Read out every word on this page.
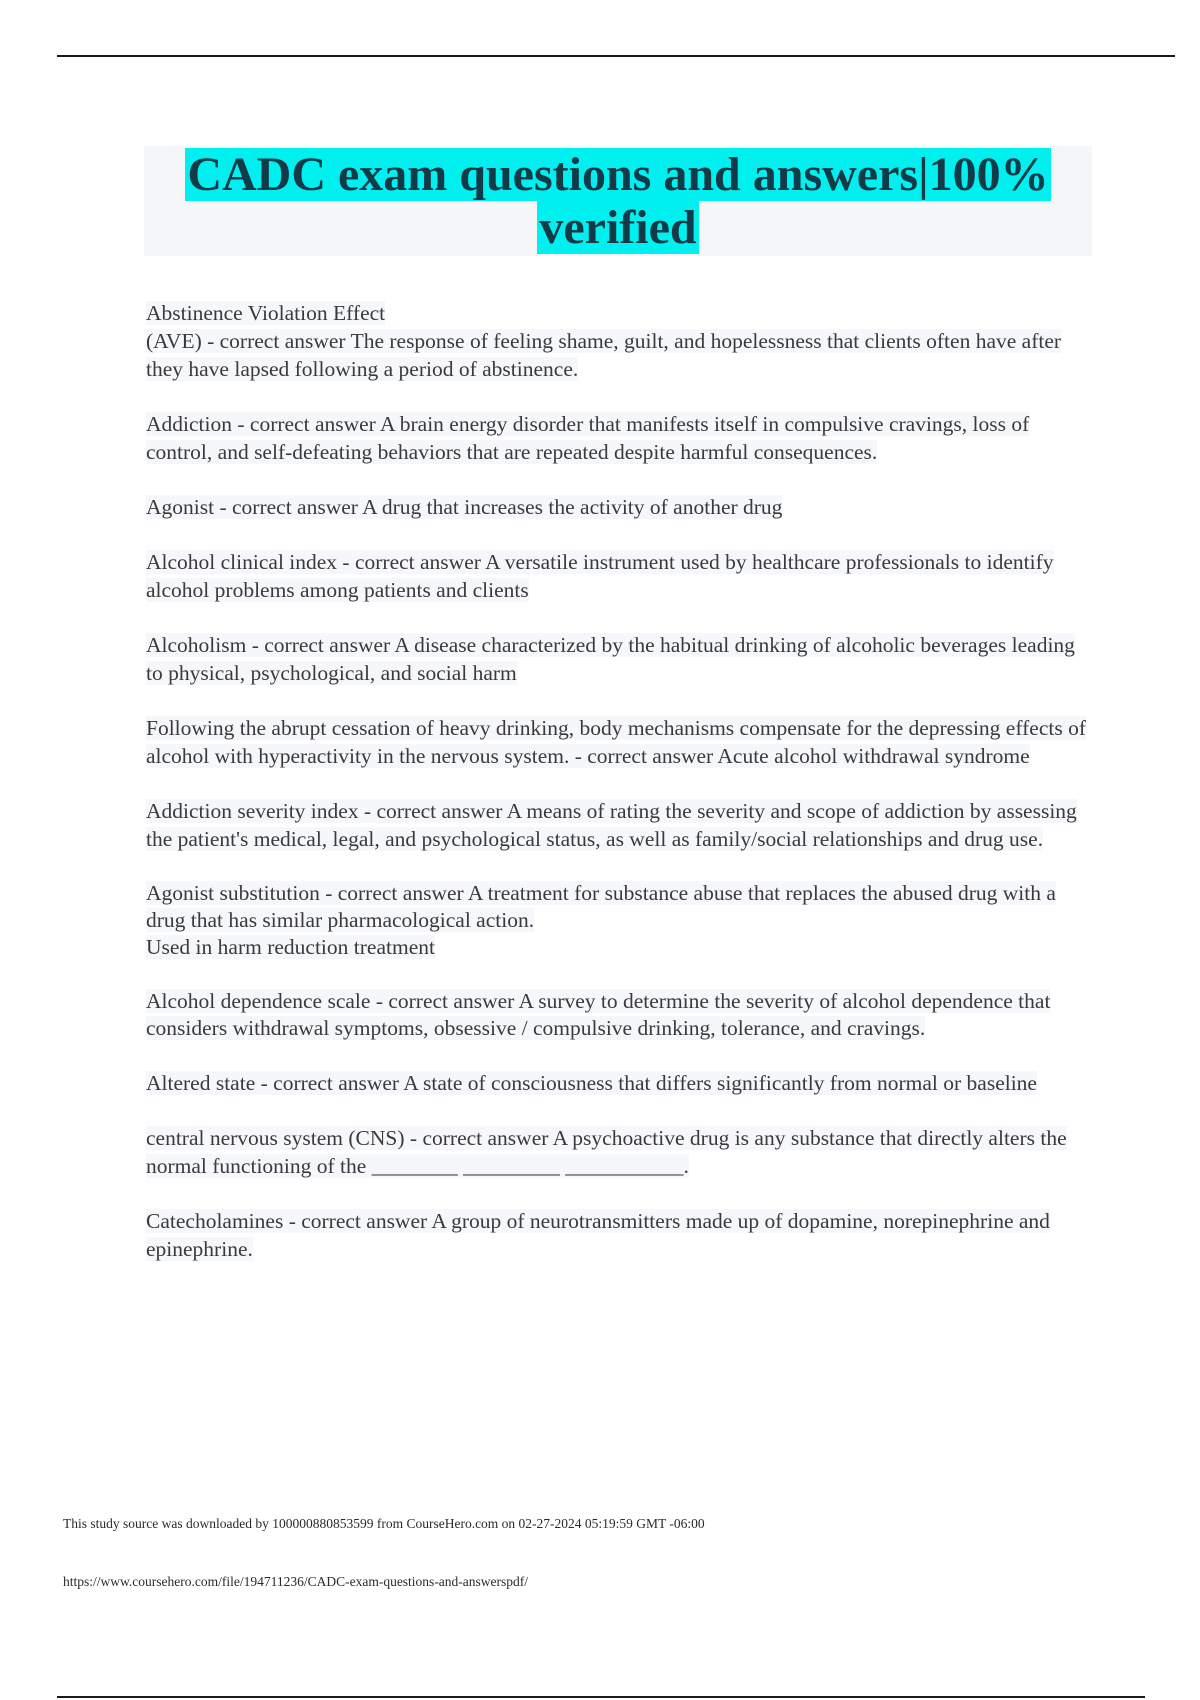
CADC exam questions and answers|100%
verified

Abstinence Violation Effect
(AVE) - correct answer The response of feeling shame, guilt, and hopelessness that clients often have after they have lapsed following a period of abstinence.

Addiction - correct answer A brain energy disorder that manifests itself in compulsive cravings, loss of control, and self-defeating behaviors that are repeated despite harmful consequences.

Agonist - correct answer A drug that increases the activity of another drug

Alcohol clinical index - correct answer A versatile instrument used by healthcare professionals to identify alcohol problems among patients and clients

Alcoholism - correct answer A disease characterized by the habitual drinking of alcoholic beverages leading to physical, psychological, and social harm

Following the abrupt cessation of heavy drinking, body mechanisms compensate for the depressing effects of alcohol with hyperactivity in the nervous system. - correct answer Acute alcohol withdrawal syndrome

Addiction severity index - correct answer A means of rating the severity and scope of addiction by assessing the patient's medical, legal, and psychological status, as well as family/social relationships and drug use.

Agonist substitution - correct answer A treatment for substance abuse that replaces the abused drug with a drug that has similar pharmacological action.
Used in harm reduction treatment

Alcohol dependence scale - correct answer A survey to determine the severity of alcohol dependence that considers withdrawal symptoms, obsessive / compulsive drinking, tolerance, and cravings.

Altered state - correct answer A state of consciousness that differs significantly from normal or baseline

central nervous system (CNS) - correct answer A psychoactive drug is any substance that directly alters the normal functioning of the ________ _________ ___________.

Catecholamines - correct answer A group of neurotransmitters made up of dopamine, norepinephrine and epinephrine.

This study source was downloaded by 100000880853599 from CourseHero.com on 02-27-2024 05:19:59 GMT -06:00
https://www.coursehero.com/file/194711236/CADC-exam-questions-and-answerspdf/
